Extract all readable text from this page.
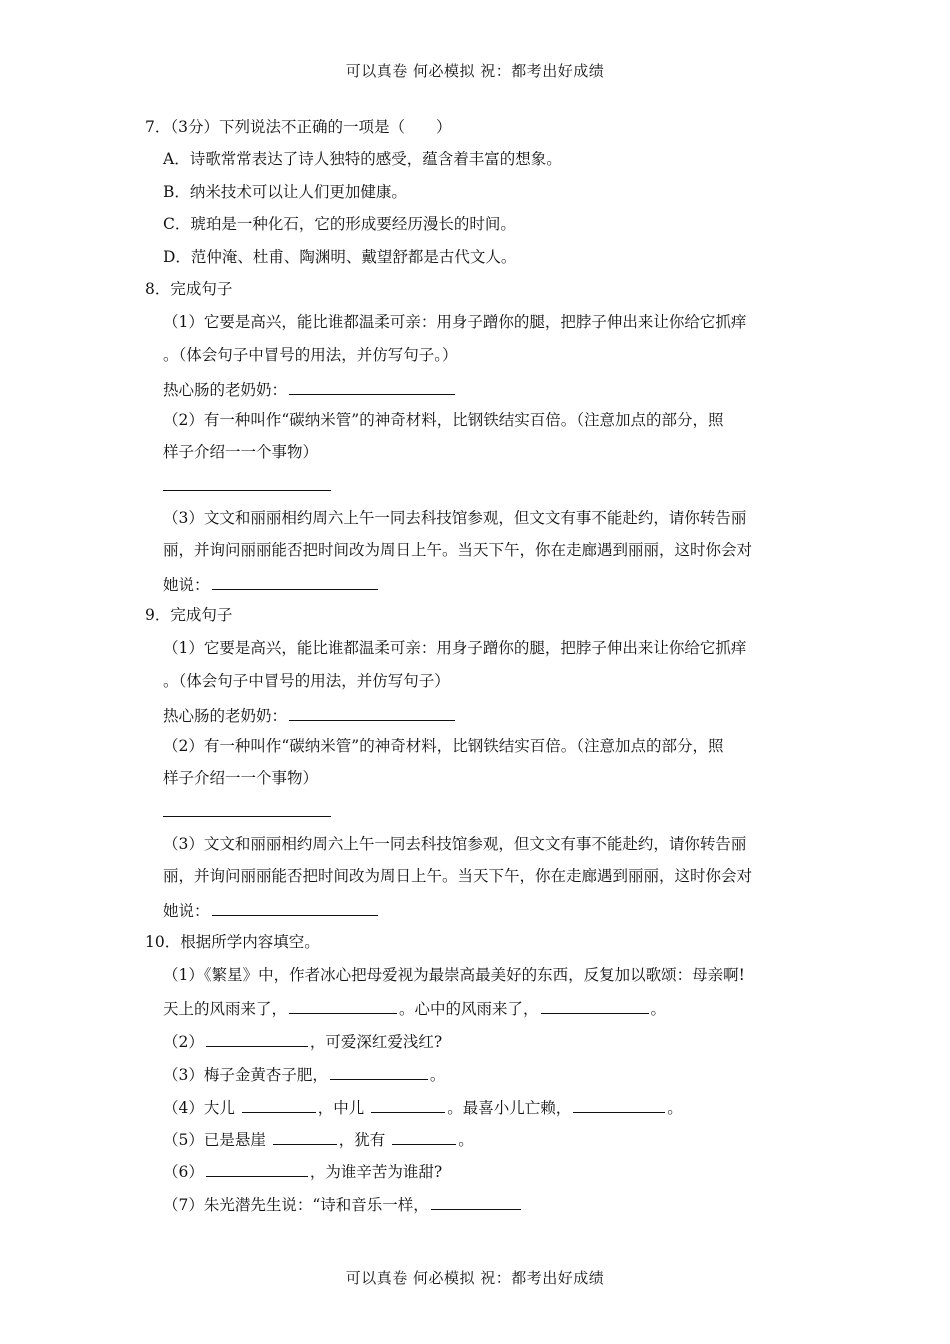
可以真卷 何必模拟 祝：都考出好成绩
7．（3分）下列说法不正确的一项是（　　）
A．诗歌常常表达了诗人独特的感受，蕴含着丰富的想象。
B．纳米技术可以让人们更加健康。
C．琥珀是一种化石，它的形成要经历漫长的时间。
D．范仲淹、杜甫、陶渊明、戴望舒都是古代文人。
8．完成句子
（1）它要是高兴，能比谁都温柔可亲：用身子蹭你的腿，把脖子伸出来让你给它抓痒
。（体会句子中冒号的用法，并仿写句子。）
热心肠的老奶奶：
（2）有一种叫作“碳纳米管”的神奇材料，比钢铁结实百倍。（注意加点的部分，照
样子介绍一一个事物）
（3）文文和丽丽相约周六上午一同去科技馆参观，但文文有事不能赴约，请你转告丽
丽，并询问丽丽能否把时间改为周日上午。当天下午，你在走廊遇到丽丽，这时你会对
她说：
9．完成句子
（1）它要是高兴，能比谁都温柔可亲：用身子蹭你的腿，把脖子伸出来让你给它抓痒
。（体会句子中冒号的用法，并仿写句子）
热心肠的老奶奶：
（2）有一种叫作“碳纳米管”的神奇材料，比钢铁结实百倍。（注意加点的部分，照
样子介绍一一个事物）
（3）文文和丽丽相约周六上午一同去科技馆参观，但文文有事不能赴约，请你转告丽
丽，并询问丽丽能否把时间改为周日上午。当天下午，你在走廊遇到丽丽，这时你会对
她说：
10．根据所学内容填空。
（1）《繁星》中，作者冰心把母爱视为最崇高最美好的东西，反复加以歌颂：母亲啊!
天上的风雨来了，	。心中的风雨来了，	。
（2）	，可爱深红爱浅红?
（3）梅子金黄杏子肥，	。
（4）大儿	，中儿	。最喜小儿亡赖，	。
（5）已是悬崖	，犹有	。
（6）	，为谁辛苦为谁甜?
（7）朱光潜先生说：“诗和音乐一样，
可以真卷 何必模拟 祝：都考出好成绩
